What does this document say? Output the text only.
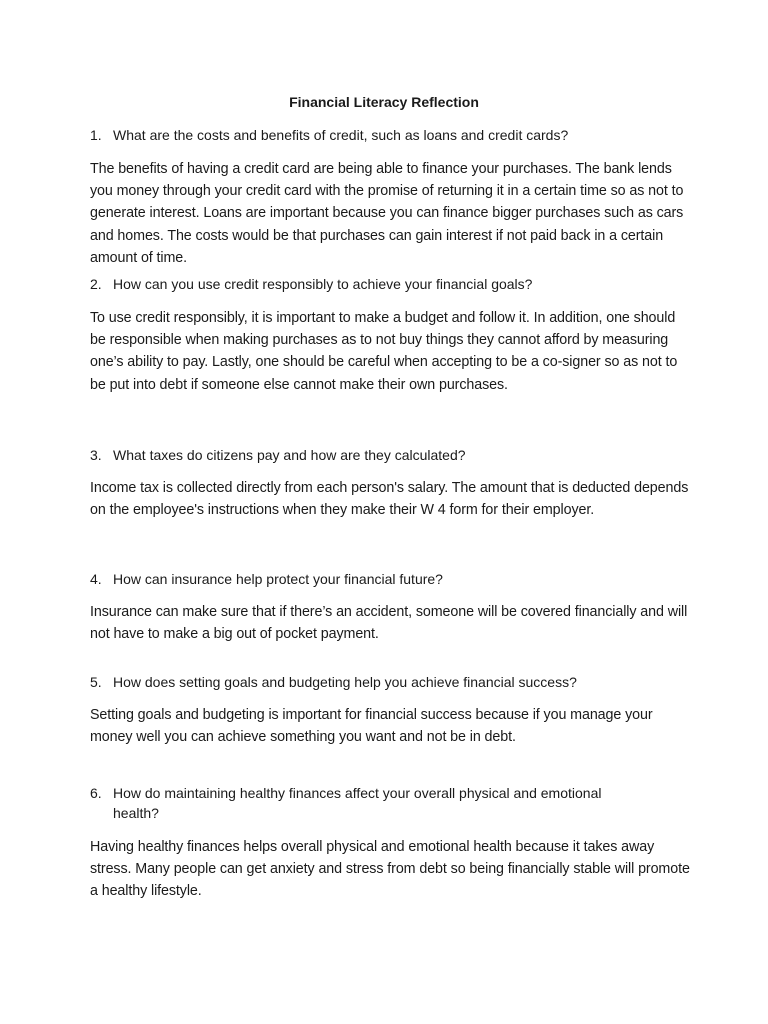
Financial Literacy Reflection
1. What are the costs and benefits of credit, such as loans and credit cards?
The benefits of having a credit card are being able to finance your purchases. The bank lends you money through your credit card with the promise of returning it in a certain time so as not to generate interest. Loans are important because you can finance bigger purchases such as cars and homes. The costs would be that purchases can gain interest if not paid back in a certain amount of time.
2. How can you use credit responsibly to achieve your financial goals?
To use credit responsibly, it is important to make a budget and follow it. In addition, one should be responsible when making purchases as to not buy things they cannot afford by measuring one’s ability to pay. Lastly, one should be careful when accepting to be a co-signer so as not to be put into debt if someone else cannot make their own purchases.
3. What taxes do citizens pay and how are they calculated?
Income tax is collected directly from each person's salary. The amount that is deducted depends on the employee's instructions when they make their W 4 form for their employer.
4. How can insurance help protect your financial future?
Insurance can make sure that if there’s an accident, someone will be covered financially and will not have to make a big out of pocket payment.
5. How does setting goals and budgeting help you achieve financial success?
Setting goals and budgeting is important for financial success because if you manage your money well you can achieve something you want and not be in debt.
6. How do maintaining healthy finances affect your overall physical and emotional health?
Having healthy finances helps overall physical and emotional health because it takes away stress. Many people can get anxiety and stress from debt so being financially stable will promote a healthy lifestyle.
